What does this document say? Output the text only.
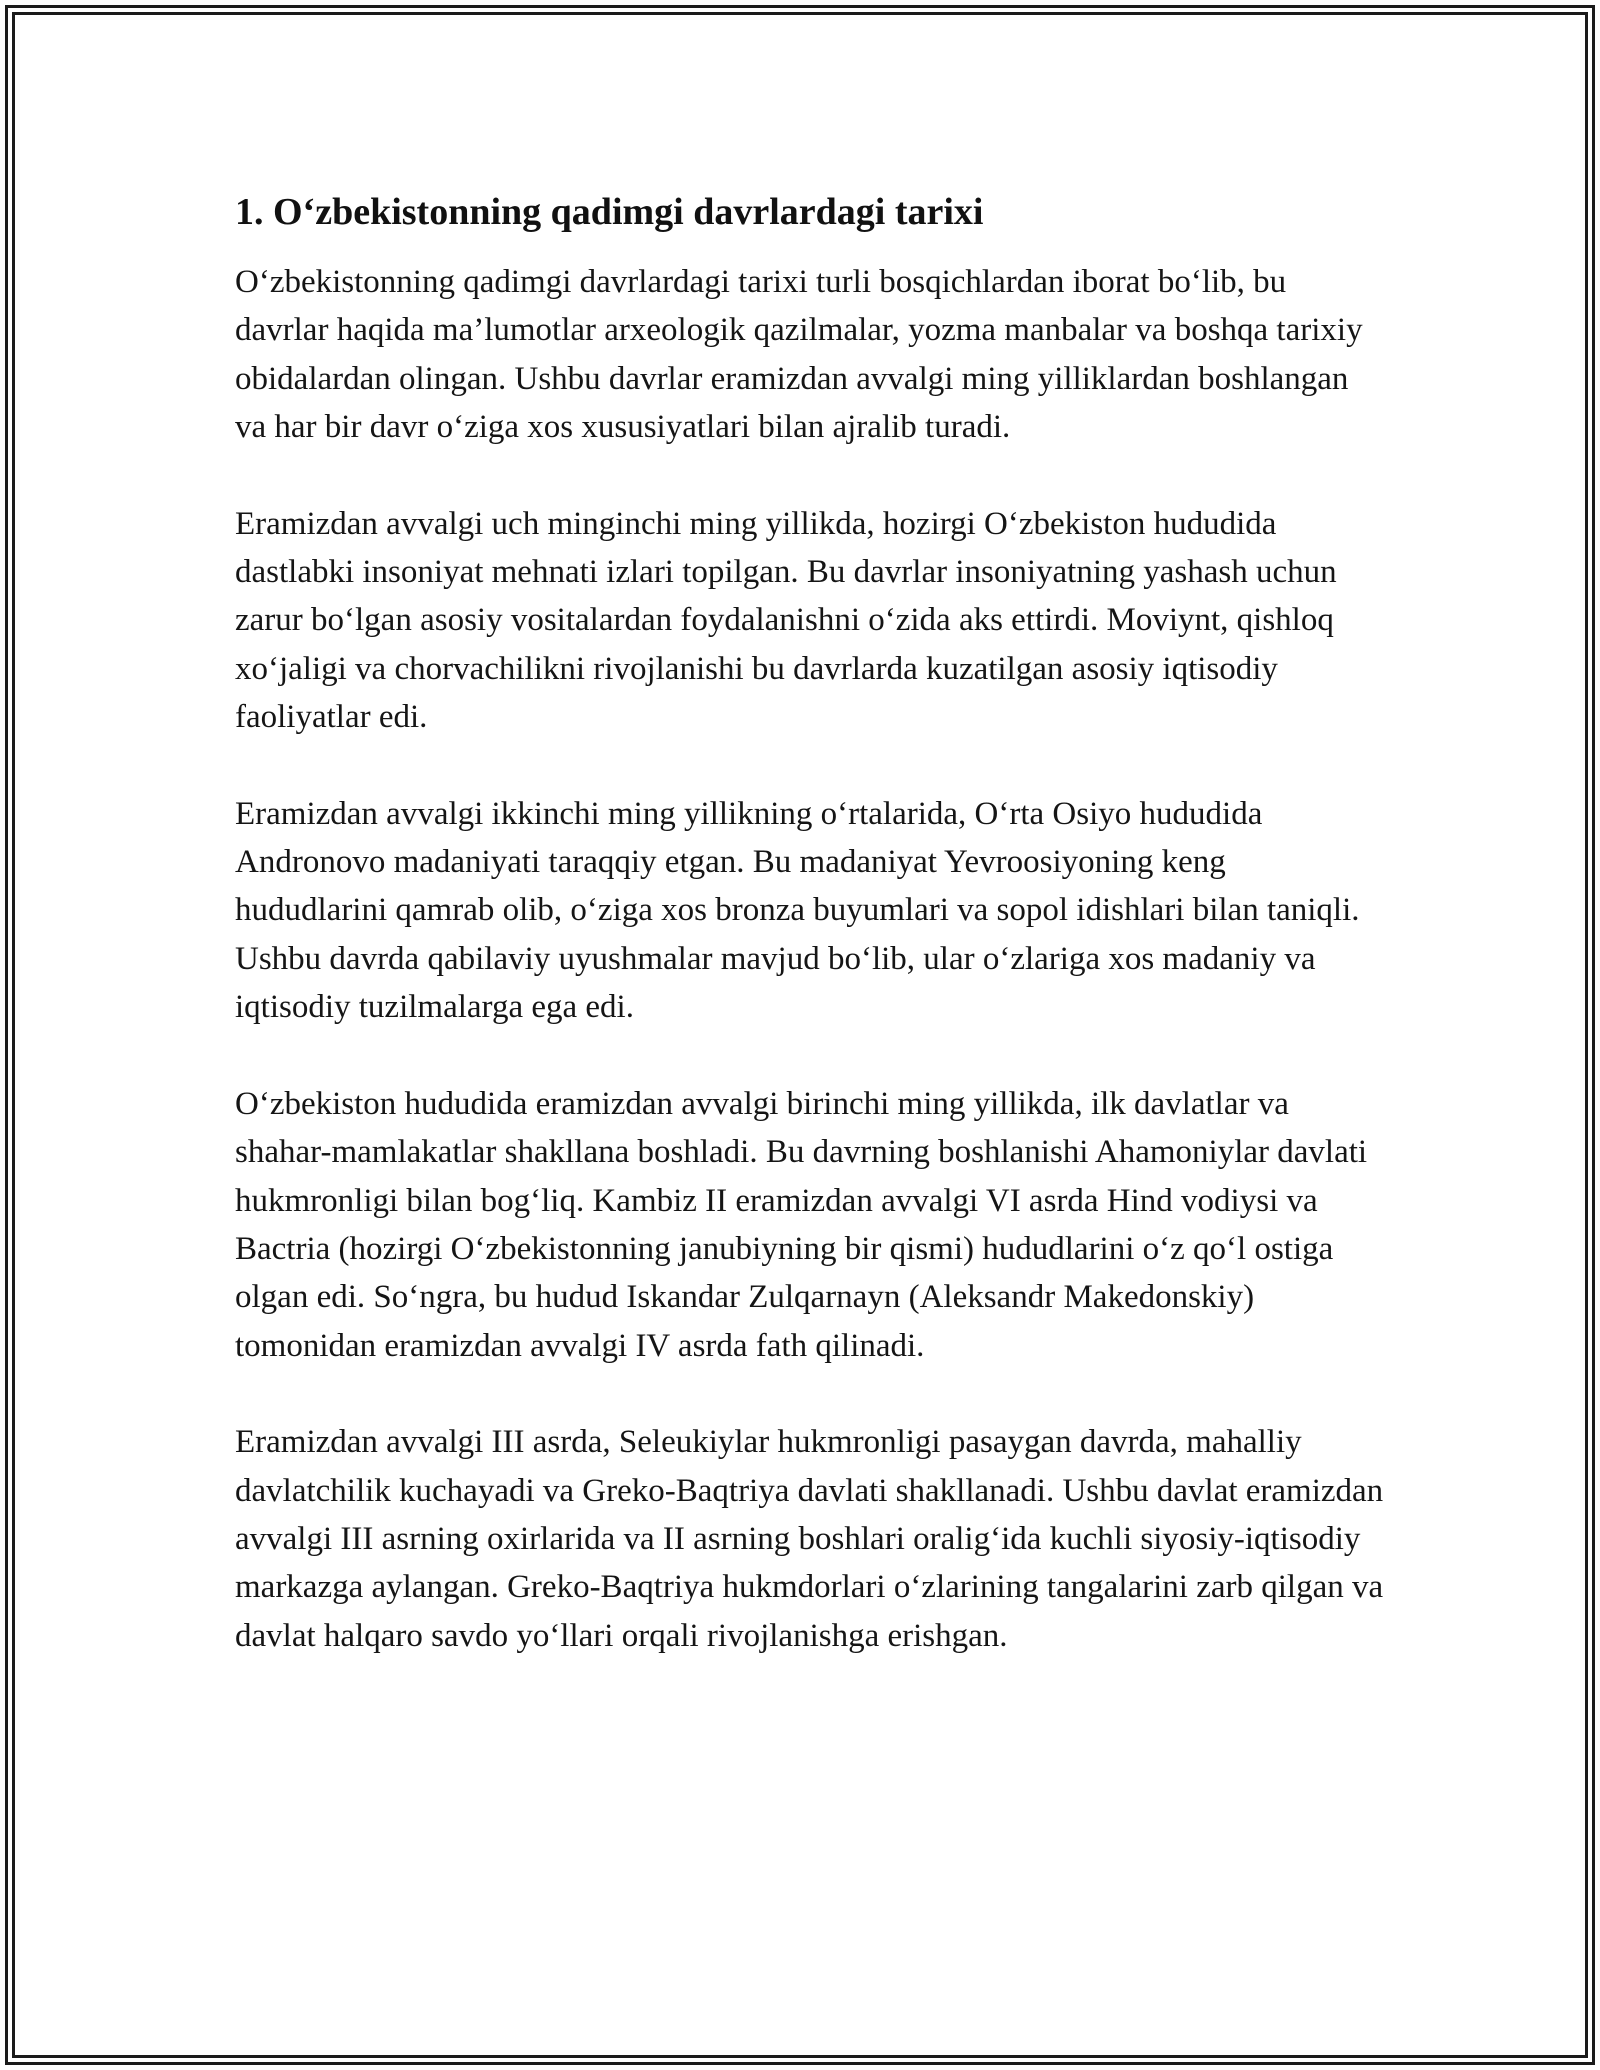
1. O‘zbekistonning qadimgi davrlardagi tarixi

O‘zbekistonning qadimgi davrlardagi tarixi turli bosqichlardan iborat bo‘lib, bu davrlar haqida ma’lumotlar arxeologik qazilmalar, yozma manbalar va boshqa tarixiy obidalardan olingan. Ushbu davrlar eramizdan avvalgi ming yilliklardan boshlangan va har bir davr o‘ziga xos xususiyatlari bilan ajralib turadi.

Eramizdan avvalgi uch minginchi ming yillikda, hozirgi O‘zbekiston hududida dastlabki insoniyat mehnati izlari topilgan. Bu davrlar insoniyatning yashash uchun zarur bo‘lgan asosiy vositalardan foydalanishni o‘zida aks ettirdi. Moviynt, qishloq xo‘jaligi va chorvachilikni rivojlanishi bu davrlarda kuzatilgan asosiy iqtisodiy faoliyatlar edi.

Eramizdan avvalgi ikkinchi ming yillikning o‘rtalarida, O‘rta Osiyo hududida Andronovo madaniyati taraqqiy etgan. Bu madaniyat Yevroosiyoning keng hududlarini qamrab olib, o‘ziga xos bronza buyumlari va sopol idishlari bilan taniqli. Ushbu davrda qabilaviy uyushmalar mavjud bo‘lib, ular o‘zlariga xos madaniy va iqtisodiy tuzilmalarga ega edi.

O‘zbekiston hududida eramizdan avvalgi birinchi ming yillikda, ilk davlatlar va shahar-mamlakatlar shakllana boshladi. Bu davrning boshlanishi Ahamoniylar davlati hukmronligi bilan bog‘liq. Kambiz II eramizdan avvalgi VI asrda Hind vodiysi va Bactria (hozirgi O‘zbekistonning janubiyning bir qismi) hududlarini o‘z qo‘l ostiga olgan edi. So‘ngra, bu hudud Iskandar Zulqarnayn (Aleksandr Makedonskiy) tomonidan eramizdan avvalgi IV asrda fath qilinadi.

Eramizdan avvalgi III asrda, Seleukiylar hukmronligi pasaygan davrda, mahalliy davlatchilik kuchayadi va Greko-Baqtriya davlati shakllanadi. Ushbu davlat eramizdan avvalgi III asrning oxirlarida va II asrning boshlari oralig‘ida kuchli siyosiy-iqtisodiy markazga aylangan. Greko-Baqtriya hukmdorlari o‘zlarining tangalarini zarb qilgan va davlat halqaro savdo yo‘llari orqali rivojlanishga erishgan.
